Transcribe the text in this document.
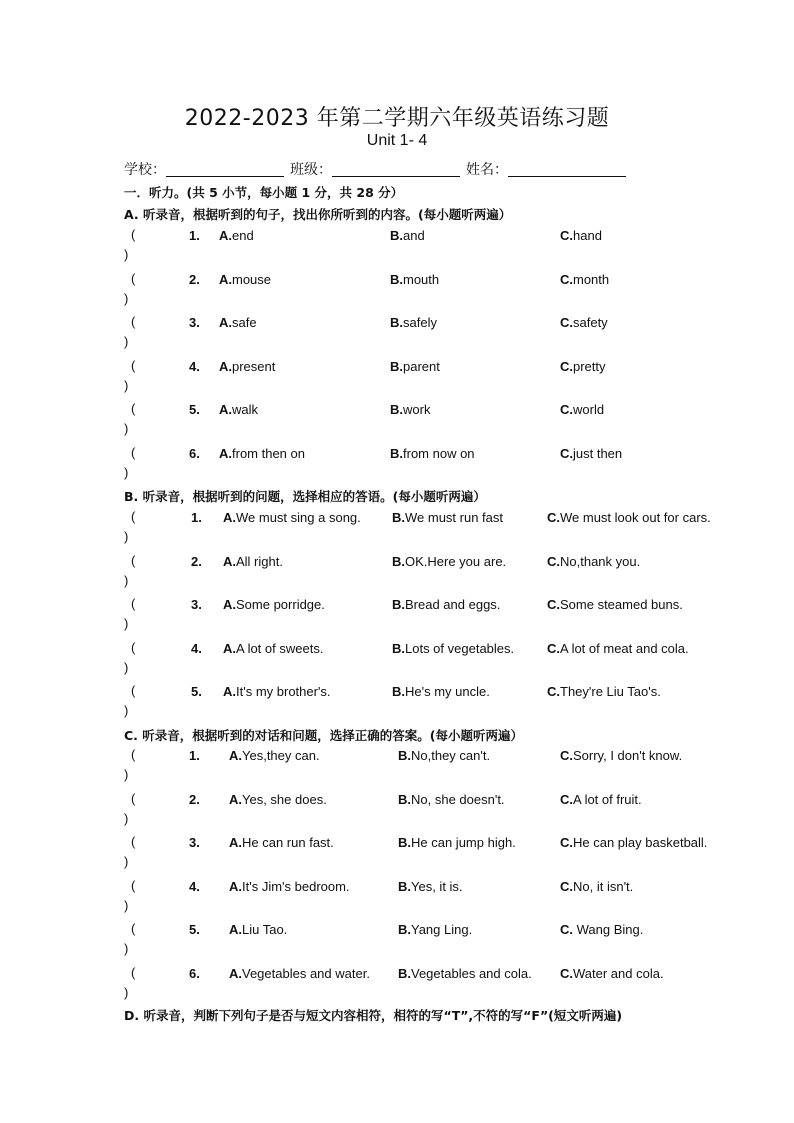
2022-2023 年第二学期六年级英语练习题
Unit 1- 4
学校：	班级：	姓名：
一．听力。(共 5 小节，每小题 1 分，共 28 分）
A. 听录音，根据听到的句子，找出你所听到的内容。(每小题听两遍）
(
)
1. A.end	B.and	C.hand
(
)
2. A.mouse	B.mouth	C.month
(
)
3. A.safe	B.safely	C.safety
(
)
4. A.present	B.parent	C.pretty
(
)
5. A.walk	B.work	C.world
(
)
6. A.from then on	B.from now on	C.just then
B. 听录音，根据听到的问题，选择相应的答语。(每小题听两遍）
(
)
1. A.We must sing a song. B.We must run fast	C.We must look out for cars.
(
)
2. A.All right.	B.OK.Here you are.	C.No,thank you.
(
)
3. A.Some porridge.	B.Bread and eggs.	C.Some steamed buns.
(
)
4. A.A lot of sweets.	B.Lots of vegetables.	C.A lot of meat and cola.
(
)
5. A.It's my brother's.	B.He's my uncle.	C.They're Liu Tao's.
C. 听录音，根据听到的对话和问题，选择正确的答案。(每小题听两遍）
(
)
1. A.Yes,they can.	B.No,they can't.	C.Sorry, I don't know.
(
)
2. A.Yes, she does.	B.No, she doesn't.	C.A lot of fruit.
(
)
3. A.He can run fast.	B.He can jump high.	C.He can play basketball.
(
)
4. A.It's Jim's bedroom.	B.Yes, it is.	C.No, it isn't.
(
)
5. A.Liu Tao.	B.Yang Ling.	C. Wang Bing.
(
)
6. A.Vegetables and water. B.Vegetables and cola. C.Water and cola.
D. 听录音，判断下列句子是否与短文内容相符，相符的写“T”,不符的写“F”(短文听两遍)
